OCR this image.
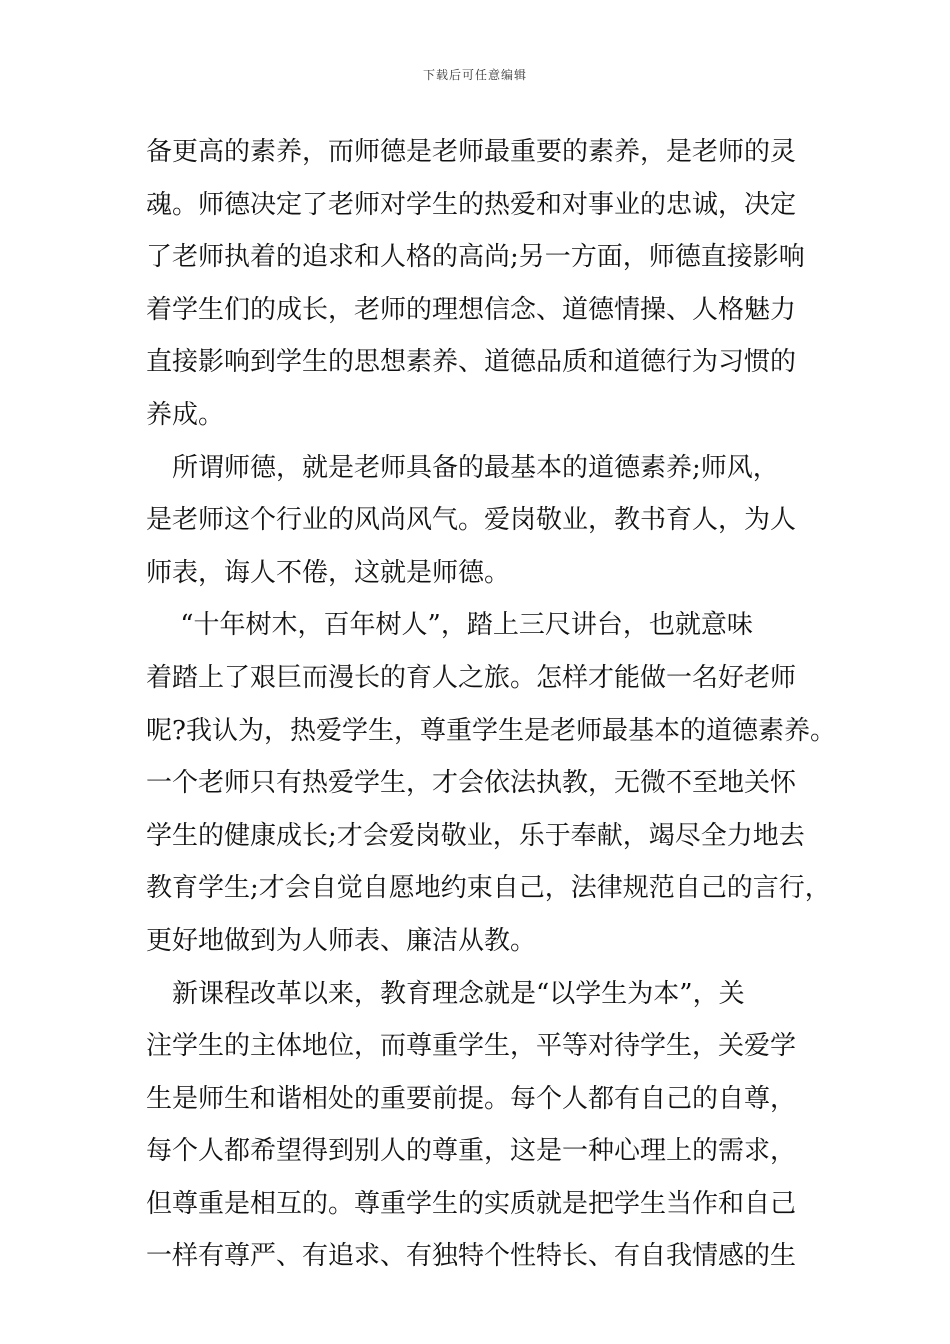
下载后可任意编辑
备更高的素养，而师德是老师最重要的素养，是老师的灵
魂。师德决定了老师对学生的热爱和对事业的忠诚，决定
了老师执着的追求和人格的高尚;另一方面，师德直接影响
着学生们的成长，老师的理想信念、道德情操、人格魅力
直接影响到学生的思想素养、道德品质和道德行为习惯的
养成。
　所谓师德，就是老师具备的最基本的道德素养;师风，
是老师这个行业的风尚风气。爱岗敬业，教书育人，为人
师表，诲人不倦，这就是师德。
　 “十年树木，百年树人”，踏上三尺讲台，也就意味
着踏上了艰巨而漫长的育人之旅。怎样才能做一名好老师
呢?我认为，热爱学生，尊重学生是老师最基本的道德素养。
一个老师只有热爱学生，才会依法执教，无微不至地关怀
学生的健康成长;才会爱岗敬业，乐于奉献，竭尽全力地去
教育学生;才会自觉自愿地约束自己，法律规范自己的言行，
更好地做到为人师表、廉洁从教。
　新课程改革以来，教育理念就是“以学生为本”，关
注学生的主体地位，而尊重学生，平等对待学生，关爱学
生是师生和谐相处的重要前提。每个人都有自己的自尊，
每个人都希望得到别人的尊重，这是一种心理上的需求，
但尊重是相互的。尊重学生的实质就是把学生当作和自己
一样有尊严、有追求、有独特个性特长、有自我情感的生
